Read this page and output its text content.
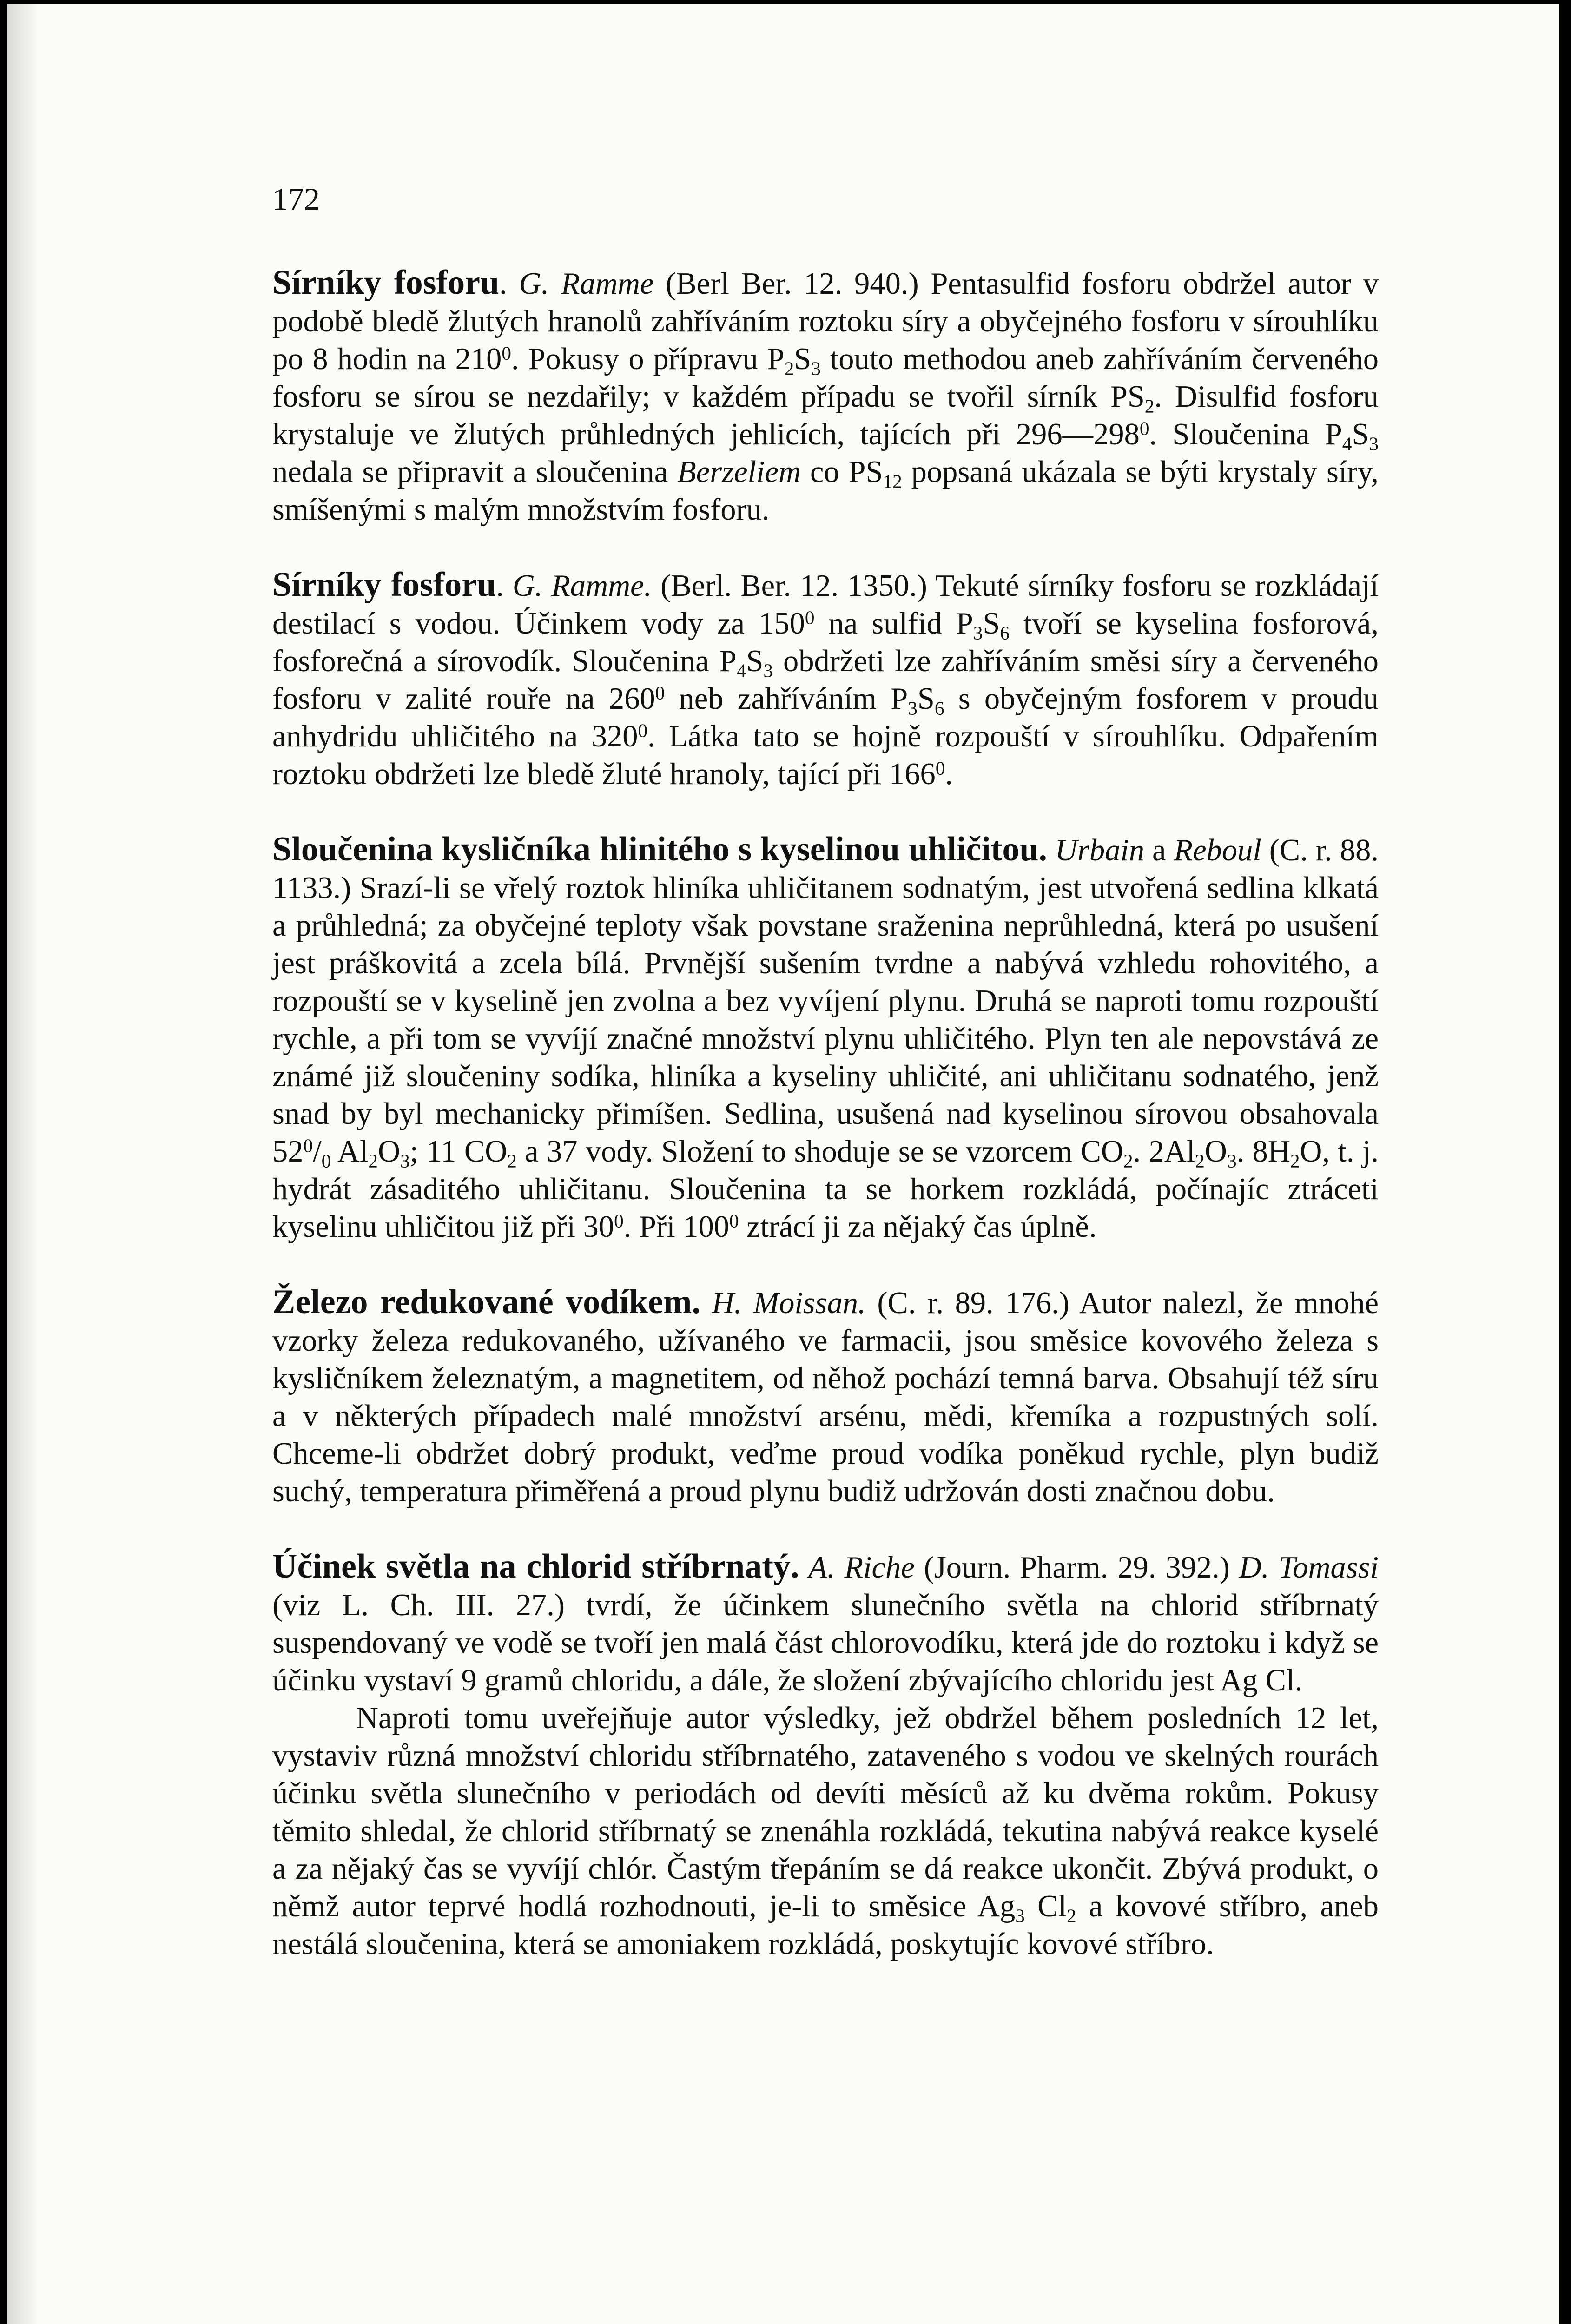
172

Sírníky fosforu. G. Ramme (Berl Ber. 12. 940.) Pentasulfid fosforu obdržel autor v podobě bledě žlutých hranolů zahříváním roztoku síry a obyčejného fosforu v sírouhlíku po 8 hodin na $210^0$. Pokusy o přípravu $P_2S_3$ touto methodou aneb zahříváním červeného fosforu se sírou se nezdařily; v každém případu se tvořil sírník $PS_2$. Disulfid fosforu krystaluje ve žlutých průhledných jehlicích, tajících při $296—298^0$. Sloučenina $P_4S_3$ nedala se připravit a sloučenina Berzeliem co $PS_{12}$ popsaná ukázala se býti krystaly síry, smíšenými s malým množstvím fosforu.

Sírníky fosforu. G. Ramme. (Berl. Ber. 12. 1350.) Tekuté sírníky fosforu se rozkládají destilací s vodou. Účinkem vody za $150^0$ na sulfid $P_3S_6$ tvoří se kyselina fosforová, fosforečná a sírovodík. Sloučenina $P_4S_3$ obdržeti lze zahříváním směsi síry a červeného fosforu v zalité rouře na $260^0$ neb zahříváním $P_3S_6$ s obyčejným fosforem v proudu anhydridu uhličitého na $320^0$. Látka tato se hojně rozpouští v sírouhlíku. Odpařením roztoku obdržeti lze bledě žluté hranoly, tající při $166^0$.

Sloučenina kysličníka hlinitého s kyselinou uhličitou. Urbain a Reboul (C. r. 88. 1133.) Srazí-li se vřelý roztok hliníka uhličitanem sodnatým, jest utvořená sedlina klkatá a průhledná; za obyčejné teploty však povstane sraženina neprůhledná, která po usušení jest práškovitá a zcela bílá. Prvnější sušením tvrdne a nabývá vzhledu rohovitého, a rozpouští se v kyselině jen zvolna a bez vyvíjení plynu. Druhá se naproti tomu rozpouští rychle, a při tom se vyvíjí značné množství plynu uhličitého. Plyn ten ale nepovstává ze známé již sloučeniny sodíka, hliníka a kyseliny uhličité, ani uhličitanu sodnatého, jenž snad by byl mechanicky přimíšen. Sedlina, usušená nad kyselinou sírovou obsahovala $52^0/_0$ $Al_2O_3$; 11 $CO_2$ a 37 vody. Složení to shoduje se se vzorcem $CO_2$. $2Al_2O_3$. $8H_2O$, t. j. hydrát zásaditého uhličitanu. Sloučenina ta se horkem rozkládá, počínajíc ztráceti kyselinu uhličitou již při $30^0$. Při $100^0$ ztrácí ji za nějaký čas úplně.

Železo redukované vodíkem. H. Moissan. (C. r. 89. 176.) Autor nalezl, že mnohé vzorky železa redukovaného, užívaného ve farmacii, jsou směsice kovového železa s kysličníkem železnatým, a magnetitem, od něhož pochází temná barva. Obsahují též síru a v některých případech malé množství arsénu, mědi, křemíka a rozpustných solí. Chceme-li obdržet dobrý produkt, veďme proud vodíka poněkud rychle, plyn budiž suchý, temperatura přiměřená a proud plynu budiž udržován dosti značnou dobu.

Účinek světla na chlorid stříbrnatý. A. Riche (Journ. Pharm. 29. 392.) D. Tomassi (viz L. Ch. III. 27.) tvrdí, že účinkem slunečního světla na chlorid stříbrnatý suspendovaný ve vodě se tvoří jen malá část chlorovodíku, která jde do roztoku i když se účinku vystaví 9 gramů chloridu, a dále, že složení zbývajícího chloridu jest Ag Cl.

Naproti tomu uveřejňuje autor výsledky, jež obdržel během posledních 12 let, vystaviv různá množství chloridu stříbrnatého, zataveného s vodou ve skelných rourách účinku světla slunečního v periodách od devíti měsíců až ku dvěma rokům. Pokusy těmito shledal, že chlorid stříbrnatý se znenáhla rozkládá, tekutina nabývá reakce kyselé a za nějaký čas se vyvíjí chlór. Častým třepáním se dá reakce ukončit. Zbývá produkt, o němž autor teprvé hodlá rozhodnouti, je-li to směsice $Ag_3$ $Cl_2$ a kovové stříbro, aneb nestálá sloučenina, která se amoniakem rozkládá, poskytujíc kovové stříbro.
